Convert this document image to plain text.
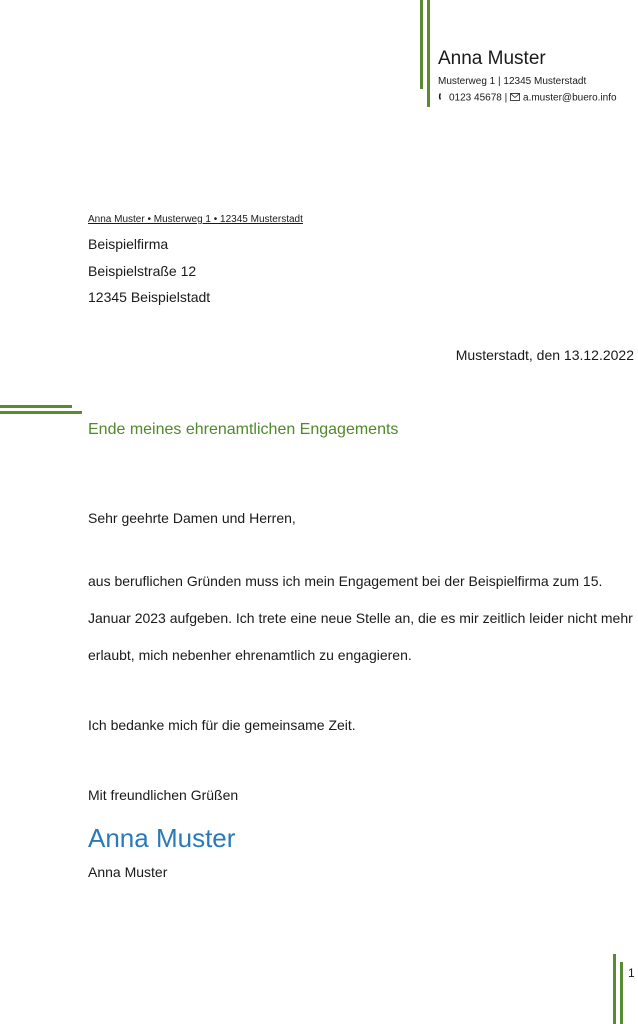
Anna Muster
Musterweg 1 | 12345 Musterstadt
0123 45678 | a.muster@buero.info
Anna Muster • Musterweg 1 • 12345 Musterstadt
Beispielfirma
Beispielstraße 12
12345 Beispielstadt
Musterstadt, den 13.12.2022
Ende meines ehrenamtlichen Engagements
Sehr geehrte Damen und Herren,
aus beruflichen Gründen muss ich mein Engagement bei der Beispielfirma zum 15. Januar 2023 aufgeben. Ich trete eine neue Stelle an, die es mir zeitlich leider nicht mehr erlaubt, mich nebenher ehrenamtlich zu engagieren.
Ich bedanke mich für die gemeinsame Zeit.
Mit freundlichen Grüßen
Anna Muster
Anna Muster
1
